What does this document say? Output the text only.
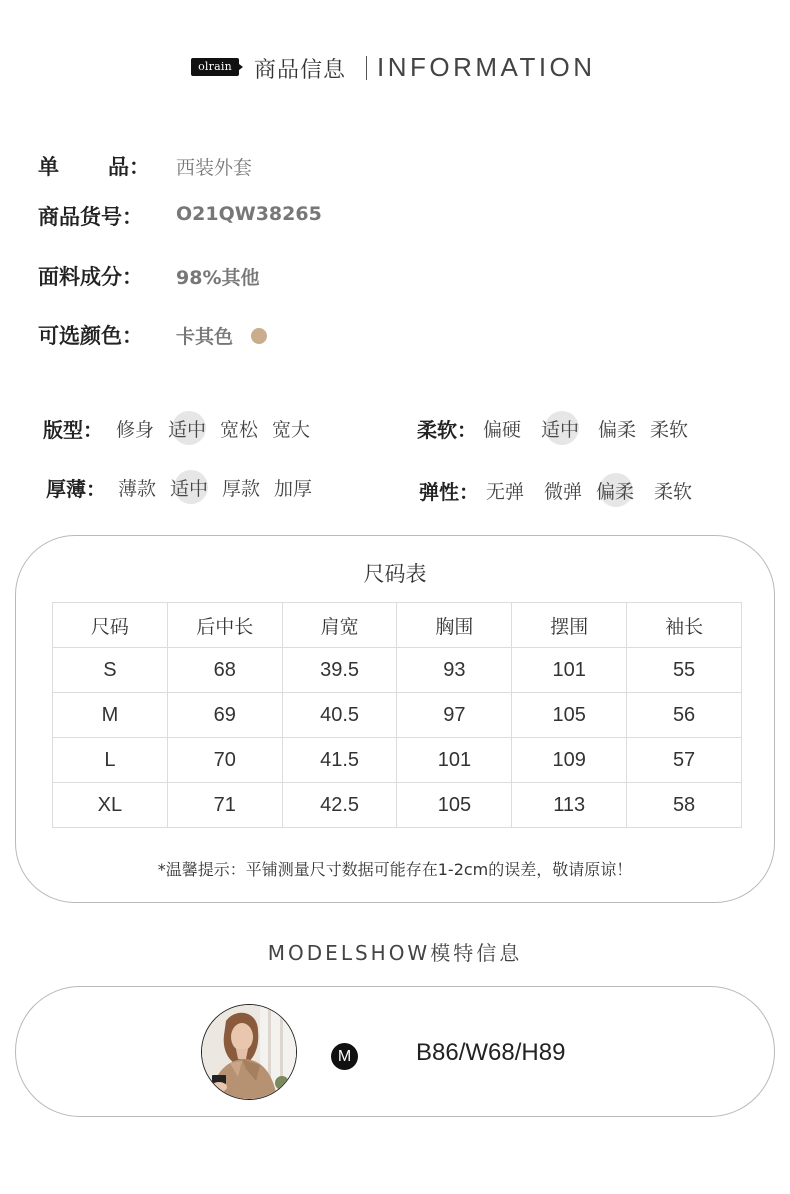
olrain	商品信息 INFORMATION
单 品： 西装外套
商品货号： O21QW38265
面料成分： 98%其他
可选颜色： 卡其色
版型： 修身 适中 宽松 宽大	柔软： 偏硬 适中 偏柔 柔软
厚薄： 薄款 适中 厚款 加厚	弹性： 无弹 微弹 偏柔 柔软
尺码表
尺码	后中长	肩宽	胸围	摆围	袖长
S	68	39.5	93	101	55
M	69	40.5	97	105	56
L	70	41.5	101	109	57
XL	71	42.5	105	113	58
*温馨提示：平铺测量尺寸数据可能存在1-2cm的误差，敬请原谅！
MODELSHOW模特信息
M	B86/W68/H89
